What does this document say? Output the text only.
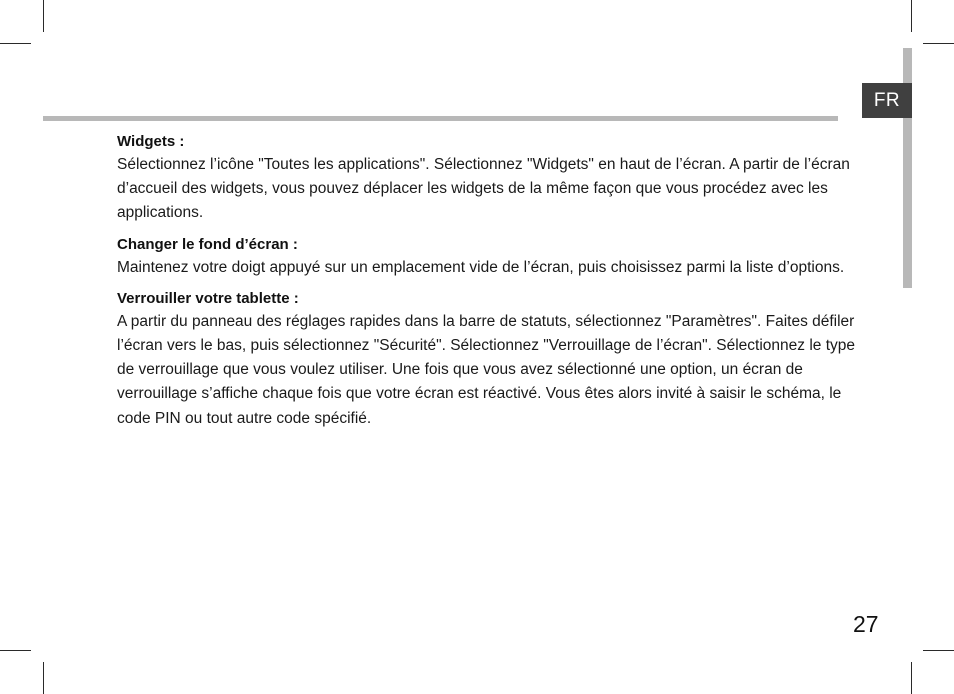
FR
Widgets :

Sélectionnez l’icône "Toutes les applications". Sélectionnez "Widgets" en haut de l’écran. A partir de l’écran d’accueil des widgets, vous pouvez déplacer les widgets de la même façon que vous procédez avec les applications.

Changer le fond d’écran :

Maintenez votre doigt appuyé sur un emplacement vide de l’écran, puis choisissez parmi la liste d’options.

Verrouiller votre tablette :

A partir du panneau des réglages rapides dans la barre de statuts, sélectionnez "Paramètres". Faites défiler l’écran vers le bas, puis sélectionnez "Sécurité". Sélectionnez "Verrouillage de l’écran". Sélectionnez le type de verrouillage que vous voulez utiliser. Une fois que vous avez sélectionné une option, un écran de verrouillage s’affiche chaque fois que votre écran est réactivé. Vous êtes alors invité à saisir le schéma, le code PIN ou tout autre code spécifié.

27
